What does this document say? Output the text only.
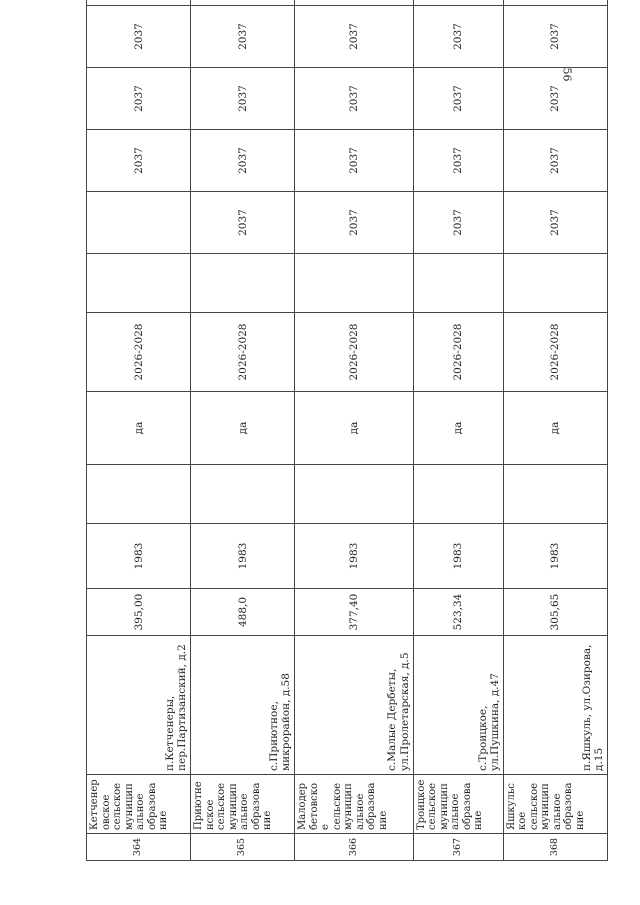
56
364	Кетченер овское сельское муницип альное образова ние	п.Кетченеры, пер.Партизанский, д.2	395,00	1983		да	2026-2028			2037	2037	2037	
365	Приютне нское сельское муницип альное образова ние	с.Приютное, микрорайон, д.58	488,0	1983		да	2026-2028		2037	2037	2037	2037	
366	Малодер бетовско е сельское муницип альное образова ние	с.Малые Дербеты, ул.Пролетарская, д.5	377,40	1983		да	2026-2028		2037	2037	2037	2037	
367	Троицкое сельское муницип альное образова ние	с.Троицкое, ул.Пушкина, д.47	523,34	1983		да	2026-2028		2037	2037	2037	2037	
368	Яшкульс кое сельское муницип альное образова ние	п.Яшкуль, ул.Озирова, д.15	305,65	1983		да	2026-2028		2037	2037	2037	2037	
